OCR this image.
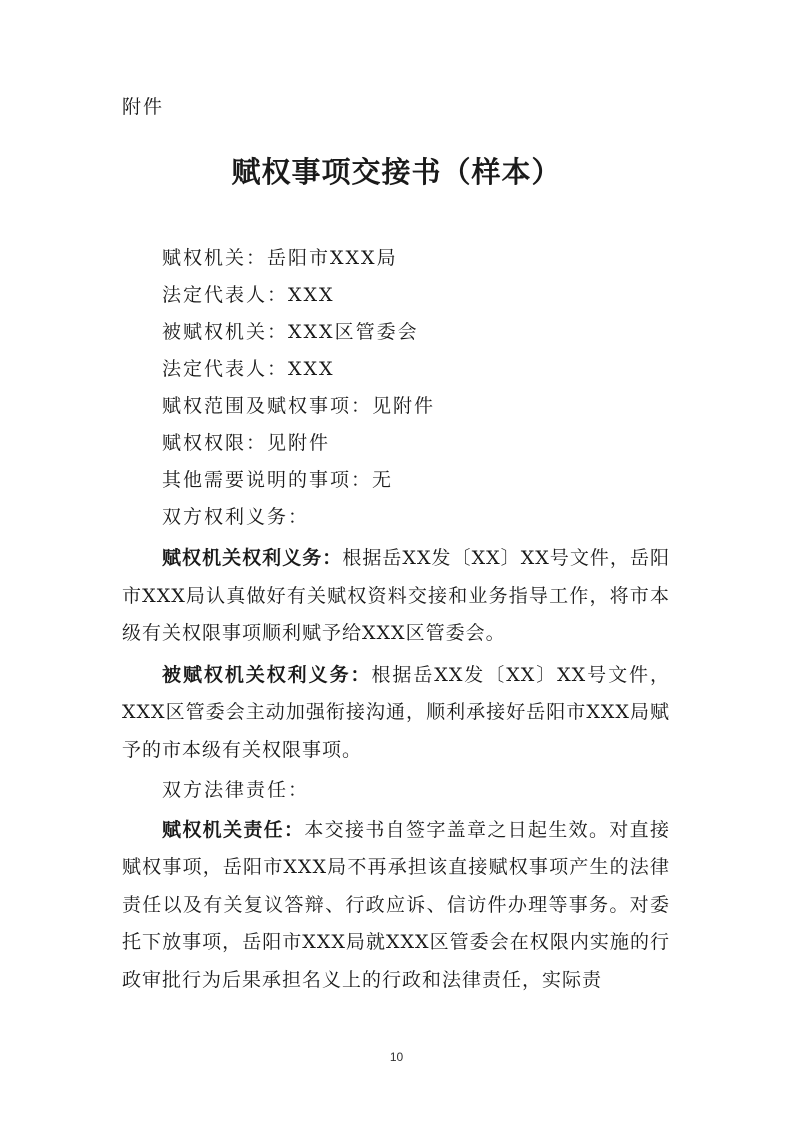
附件
赋权事项交接书（样本）
赋权机关：岳阳市XXX局
法定代表人：XXX
被赋权机关：XXX区管委会
法定代表人：XXX
赋权范围及赋权事项：见附件
赋权权限：见附件
其他需要说明的事项：无
双方权利义务：

赋权机关权利义务：根据岳XX发〔XX〕XX号文件，岳阳市XXX局认真做好有关赋权资料交接和业务指导工作，将市本级有关权限事项顺利赋予给XXX区管委会。

被赋权机关权利义务：根据岳XX发〔XX〕XX号文件，XXX区管委会主动加强衔接沟通，顺利承接好岳阳市XXX局赋予的市本级有关权限事项。

双方法律责任：

赋权机关责任：本交接书自签字盖章之日起生效。对直接赋权事项，岳阳市XXX局不再承担该直接赋权事项产生的法律责任以及有关复议答辩、行政应诉、信访件办理等事务。对委托下放事项，岳阳市XXX局就XXX区管委会在权限内实施的行政审批行为后果承担名义上的行政和法律责任，实际责

10
